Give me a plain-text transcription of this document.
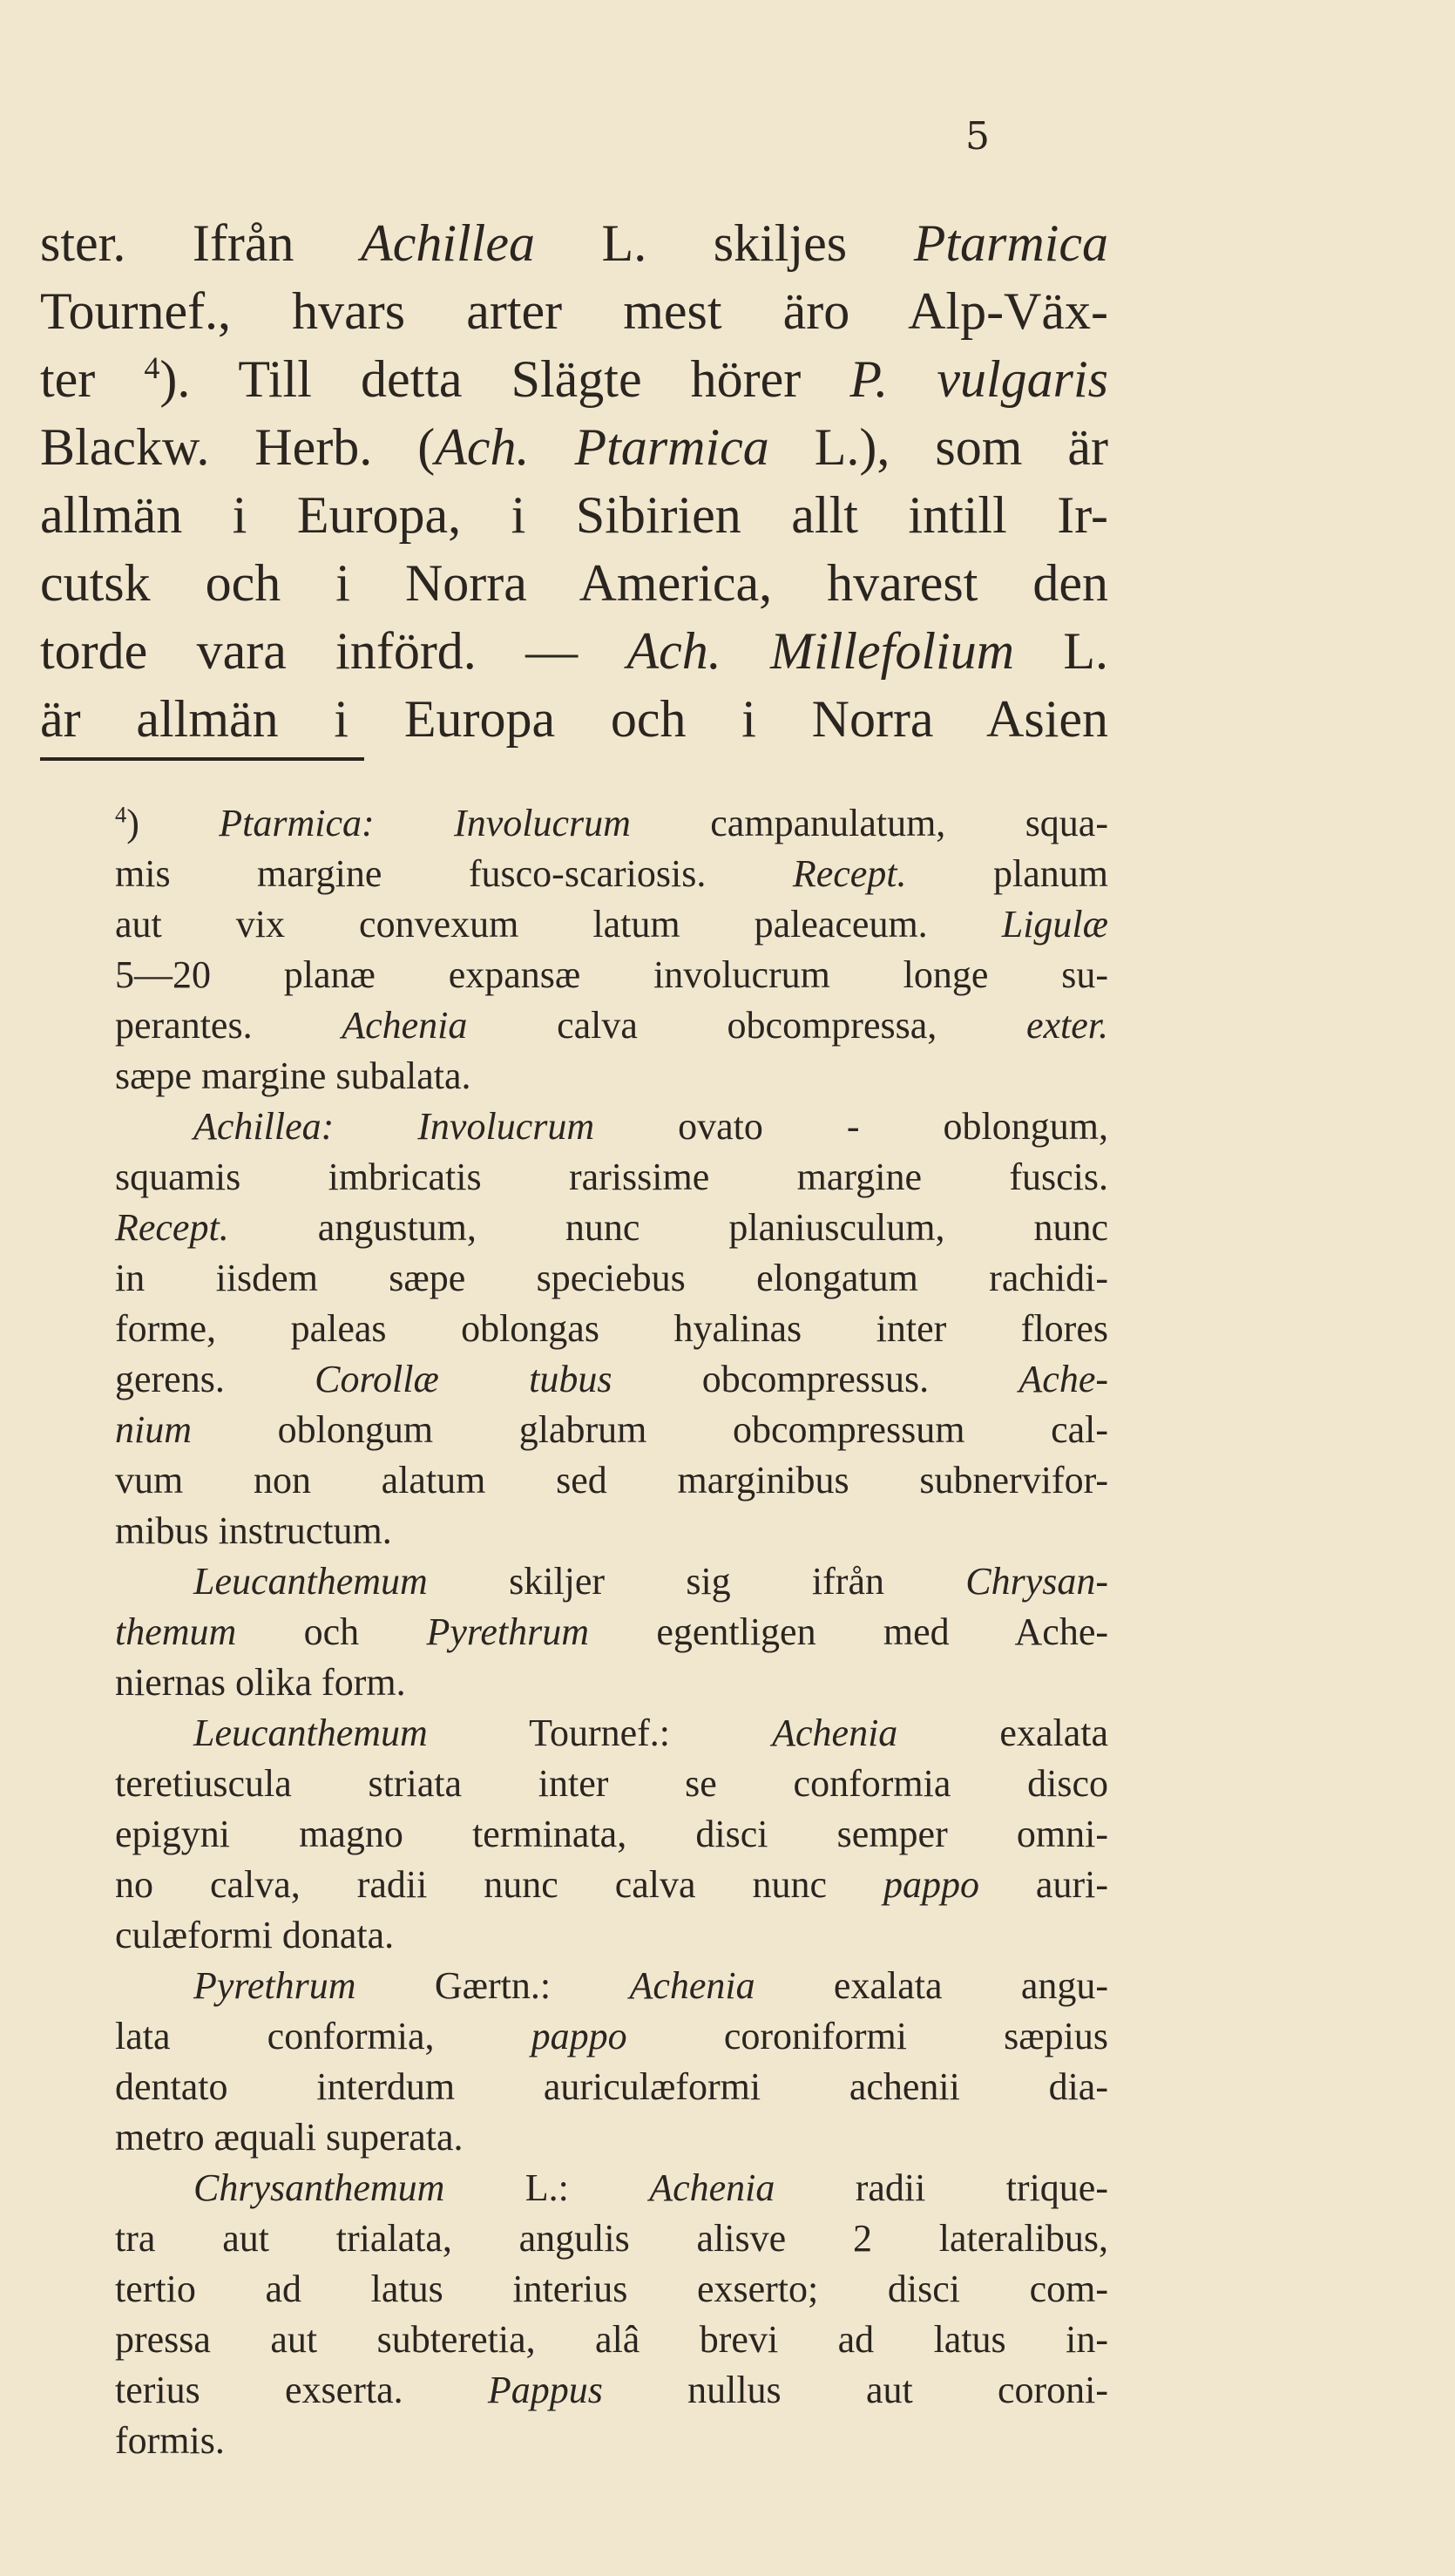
5
ster. Ifrån Achillea L. skiljes Ptarmica
Tournef., hvars arter mest äro Alp-Väx-
ter $^4$). Till detta Slägte hörer P. vulgaris
Blackw. Herb. (Ach. Ptarmica L.), som är
allmän i Europa, i Sibirien allt intill Ir-
cutsk och i Norra America, hvarest den
torde vara införd. — Ach. Millefolium L.
är allmän i Europa och i Norra Asien
$^4$) Ptarmica: Involucrum campanulatum, squa-
mis margine fusco-scariosis. Recept. planum
aut vix convexum latum paleaceum. Ligulæ
5—20 planæ expansæ involucrum longe su-
perantes. Achenia calva obcompressa, exter.
sæpe margine subalata.
Achillea: Involucrum ovato - oblongum,
squamis imbricatis rarissime margine fuscis.
Recept. angustum, nunc planiusculum, nunc
in iisdem sæpe speciebus elongatum rachidi-
forme, paleas oblongas hyalinas inter flores
gerens. Corollæ tubus obcompressus. Ache-
nium oblongum glabrum obcompressum cal-
vum non alatum sed marginibus subnervifor-
mibus instructum.
Leucanthemum skiljer sig ifrån Chrysan-
themum och Pyrethrum egentligen med Ache-
niernas olika form.
Leucanthemum Tournef.: Achenia exalata
teretiuscula striata inter se conformia disco
epigyni magno terminata, disci semper omni-
no calva, radii nunc calva nunc pappo auri-
culæformi donata.
Pyrethrum Gærtn.: Achenia exalata angu-
lata conformia, pappo coroniformi sæpius
dentato interdum auriculæformi achenii dia-
metro æquali superata.
Chrysanthemum L.: Achenia radii trique-
tra aut trialata, angulis alisve 2 lateralibus,
tertio ad latus interius exserto; disci com-
pressa aut subteretia, alâ brevi ad latus in-
terius exserta. Pappus nullus aut coroni-
formis.
